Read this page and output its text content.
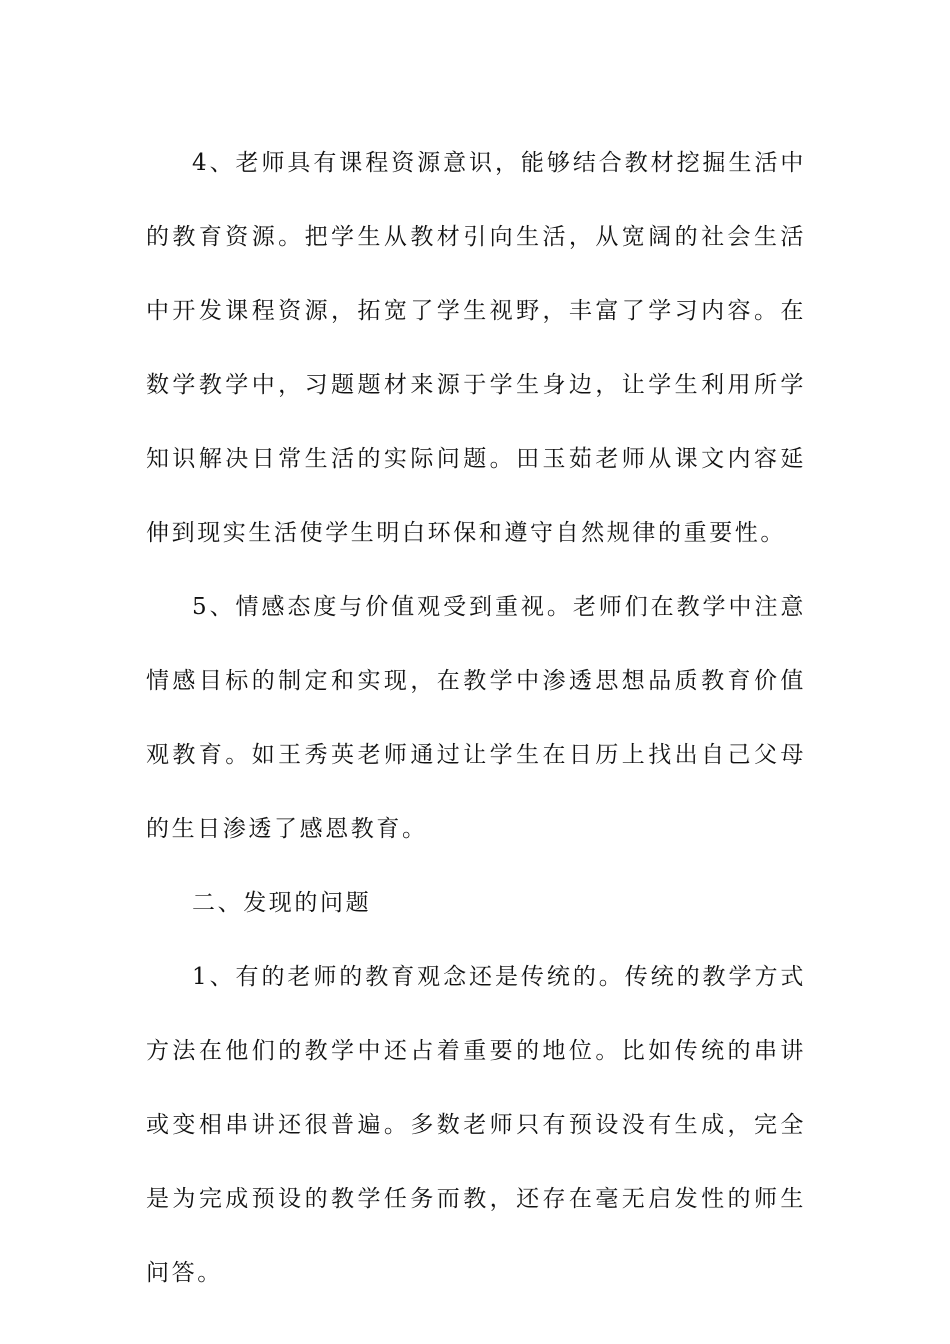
4、老师具有课程资源意识，能够结合教材挖掘生活中的教育资源。把学生从教材引向生活，从宽阔的社会生活中开发课程资源，拓宽了学生视野，丰富了学习内容。在数学教学中，习题题材来源于学生身边，让学生利用所学知识解决日常生活的实际问题。田玉茹老师从课文内容延伸到现实生活使学生明白环保和遵守自然规律的重要性。

5、情感态度与价值观受到重视。老师们在教学中注意情感目标的制定和实现，在教学中渗透思想品质教育价值观教育。如王秀英老师通过让学生在日历上找出自己父母的生日渗透了感恩教育。

二、发现的问题

1、有的老师的教育观念还是传统的。传统的教学方式方法在他们的教学中还占着重要的地位。比如传统的串讲或变相串讲还很普遍。多数老师只有预设没有生成，完全是为完成预设的教学任务而教，还存在毫无启发性的师生问答。
